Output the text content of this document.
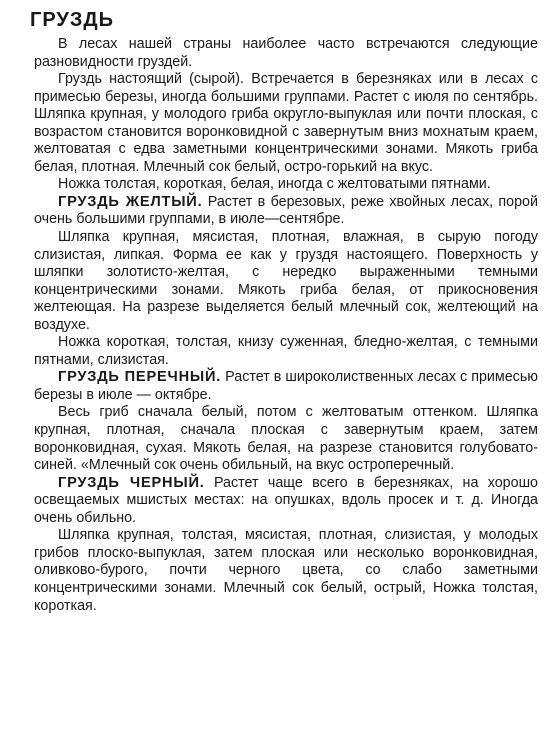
ГРУЗДЬ

В лесах нашей страны наиболее часто встречаются следующие разновидности груздей.

Груздь настоящий (сырой). Встречается в березняках или в лесах с примесью березы, иногда большими группами. Растет с июля по сентябрь. Шляпка крупная, у молодого гриба округло-выпуклая или почти плоская, с возрастом становится воронковидной с завернутым вниз мохнатым краем, желтоватая с едва заметными концентрическими зонами. Мякоть гриба белая, плотная. Млечный сок белый, остро-горький на вкус.

Ножка толстая, короткая, белая, иногда с желтоватыми пятнами.

ГРУЗДЬ ЖЕЛТЫЙ. Растет в березовых, реже хвойных лесах, порой очень большими группами, в июле—сентябре.

Шляпка крупная, мясистая, плотная, влажная, в сырую погоду слизистая, липкая. Форма ее как у груздя настоящего. Поверхность у шляпки золотисто-желтая, с нередко выраженными темными концентрическими зонами. Мякоть гриба белая, от прикосновения желтеющая. На разрезе выделяется белый млечный сок, желтеющий на воздухе.

Ножка короткая, толстая, книзу суженная, бледно-желтая, с темными пятнами, слизистая.

ГРУЗДЬ ПЕРЕЧНЫЙ. Растет в широколиственных лесах с примесью березы в июле — октябре.

Весь гриб сначала белый, потом с желтоватым оттенком. Шляпка крупная, плотная, сначала плоская с завернутым краем, затем воронковидная, сухая. Мякоть белая, на разрезе становится голубовато-синей. «Млечный сок очень обильный, на вкус остроперечный.

ГРУЗДЬ ЧЕРНЫЙ. Растет чаще всего в березняках, на хорошо освещаемых мшистых местах: на опушках, вдоль просек и т. д. Иногда очень обильно.

Шляпка крупная, толстая, мясистая, плотная, слизистая, у молодых грибов плоско-выпуклая, затем плоская или несколько воронковидная, оливково-бурого, почти черного цвета, со слабо заметными концентрическими зонами. Млечный сок белый, острый, Ножка толстая, короткая.
